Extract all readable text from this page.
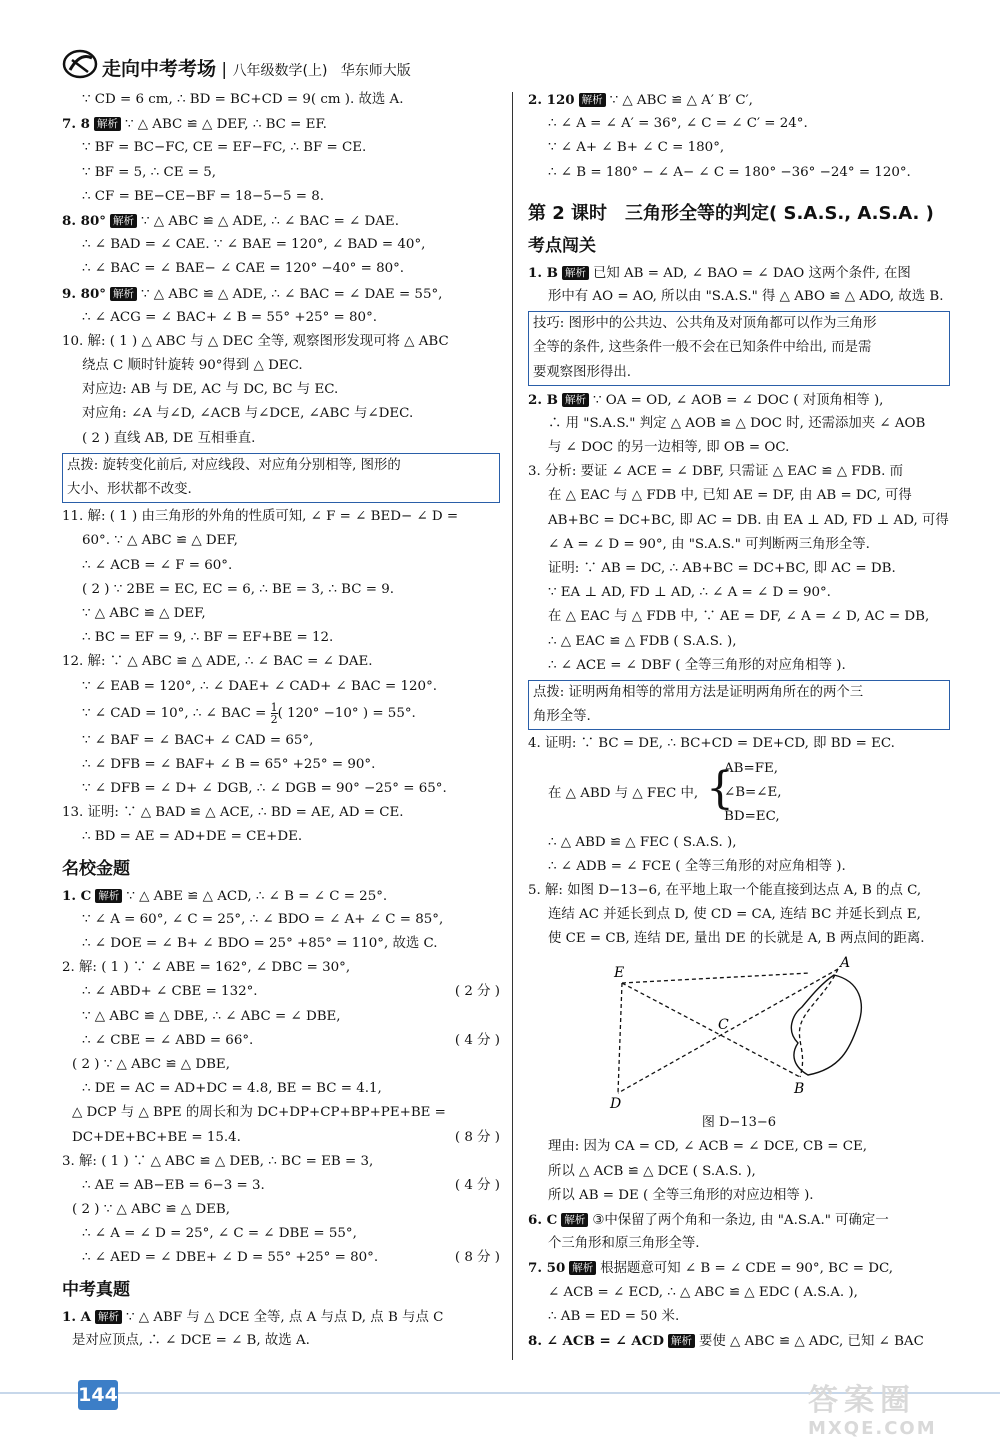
走向中考考场 | 八年级数学(上) 华东师大版
∵ CD = 6 cm, ∴ BD = BC+CD = 9( cm ). 故选 A.
7. 8 解析 ∵ △ ABC ≌ △ DEF, ∴ BC = EF.
∵ BF = BC−FC, CE = EF−FC, ∴ BF = CE.
∵ BF = 5, ∴ CE = 5,
∴ CF = BE−CE−BF = 18−5−5 = 8.
8. 80° 解析 ∵ △ ABC ≌ △ ADE, ∴ ∠ BAC = ∠ DAE.
∴ ∠ BAD = ∠ CAE. ∵ ∠ BAE = 120°, ∠ BAD = 40°,
∴ ∠ BAC = ∠ BAE− ∠ CAE = 120° −40° = 80°.
9. 80° 解析 ∵ △ ABC ≌ △ ADE, ∴ ∠ BAC = ∠ DAE = 55°,
∴ ∠ ACG = ∠ BAC+ ∠ B = 55° +25° = 80°.
10. 解: ( 1 ) △ ABC 与 △ DEC 全等, 观察图形发现可将 △ ABC
绕点 C 顺时针旋转 90°得到 △ DEC.
对应边: AB 与 DE, AC 与 DC, BC 与 EC.
对应角: ∠A 与∠D, ∠ACB 与∠DCE, ∠ABC 与∠DEC.
( 2 ) 直线 AB, DE 互相垂直.
点拨: 旋转变化前后, 对应线段、对应角分别相等, 图形的
大小、形状都不改变.
11. 解: ( 1 ) 由三角形的外角的性质可知, ∠ F = ∠ BED− ∠ D =
60°. ∵ △ ABC ≌ △ DEF,
∴ ∠ ACB = ∠ F = 60°.
( 2 ) ∵ 2BE = EC, EC = 6, ∴ BE = 3, ∴ BC = 9.
∵ △ ABC ≌ △ DEF,
∴ BC = EF = 9, ∴ BF = EF+BE = 12.
12. 解: ∵ △ ABC ≌ △ ADE, ∴ ∠ BAC = ∠ DAE.
∵ ∠ EAB = 120°, ∴ ∠ DAE+ ∠ CAD+ ∠ BAC = 120°.
∵ ∠ CAD = 10°, ∴ ∠ BAC = $\frac{1}{2}$ ( 120° −10° ) = 55°.
∵ ∠ BAF = ∠ BAC+ ∠ CAD = 65°,
∴ ∠ DFB = ∠ BAF+ ∠ B = 65° +25° = 90°.
∵ ∠ DFB = ∠ D+ ∠ DGB, ∴ ∠ DGB = 90° −25° = 65°.
13. 证明: ∵ △ BAD ≌ △ ACE, ∴ BD = AE, AD = CE.
∴ BD = AE = AD+DE = CE+DE.
名校金题
1. C 解析 ∵ △ ABE ≌ △ ACD, ∴ ∠ B = ∠ C = 25°.
∵ ∠ A = 60°, ∠ C = 25°, ∴ ∠ BDO = ∠ A+ ∠ C = 85°,
∴ ∠ DOE = ∠ B+ ∠ BDO = 25° +85° = 110°, 故选 C.
2. 解: ( 1 ) ∵ ∠ ABE = 162°, ∠ DBC = 30°,
∴ ∠ ABD+ ∠ CBE = 132°.	( 2 分 )
∵ △ ABC ≌ △ DBE, ∴ ∠ ABC = ∠ DBE,
∴ ∠ CBE = ∠ ABD = 66°.	( 4 分 )
( 2 ) ∵ △ ABC ≌ △ DBE,
∴ DE = AC = AD+DC = 4.8, BE = BC = 4.1,
△ DCP 与 △ BPE 的周长和为 DC+DP+CP+BP+PE+BE =
DC+DE+BC+BE = 15.4.	( 8 分 )
3. 解: ( 1 ) ∵ △ ABC ≌ △ DEB, ∴ BC = EB = 3,
∴ AE = AB−EB = 6−3 = 3.	( 4 分 )
( 2 ) ∵ △ ABC ≌ △ DEB,
∴ ∠ A = ∠ D = 25°, ∠ C = ∠ DBE = 55°,
∴ ∠ AED = ∠ DBE+ ∠ D = 55° +25° = 80°.	( 8 分 )
中考真题
1. A 解析 ∵ △ ABF 与 △ DCE 全等, 点 A 与点 D, 点 B 与点 C
是对应顶点, ∴ ∠ DCE = ∠ B, 故选 A.
2. 120 解析 ∵ △ ABC ≌ △ A′ B′ C′,
∴ ∠ A = ∠ A′ = 36°, ∠ C = ∠ C′ = 24°.
∵ ∠ A+ ∠ B+ ∠ C = 180°,
∴ ∠ B = 180° − ∠ A− ∠ C = 180° −36° −24° = 120°.
第 2 课时　三角形全等的判定( S.A.S., A.S.A. )
考点闯关
1. B 解析 已知 AB = AD, ∠ BAO = ∠ DAO 这两个条件, 在图
形中有 AO = AO, 所以由 "S.A.S." 得 △ ABO ≌ △ ADO, 故选 B.
技巧: 图形中的公共边、公共角及对顶角都可以作为三角形
全等的条件, 这些条件一般不会在已知条件中给出, 而是需
要观察图形得出.
2. B 解析 ∵ OA = OD, ∠ AOB = ∠ DOC ( 对顶角相等 ),
∴ 用 "S.A.S." 判定 △ AOB ≌ △ DOC 时, 还需添加夹 ∠ AOB
与 ∠ DOC 的另一边相等, 即 OB = OC.
3. 分析: 要证 ∠ ACE = ∠ DBF, 只需证 △ EAC ≌ △ FDB. 而
在 △ EAC 与 △ FDB 中, 已知 AE = DF, 由 AB = DC, 可得
AB+BC = DC+BC, 即 AC = DB. 由 EA ⊥ AD, FD ⊥ AD, 可得
∠ A = ∠ D = 90°, 由 "S.A.S." 可判断两三角形全等.
证明: ∵ AB = DC, ∴ AB+BC = DC+BC, 即 AC = DB.
∵ EA ⊥ AD, FD ⊥ AD, ∴ ∠ A = ∠ D = 90°.
在 △ EAC 与 △ FDB 中, ∵ AE = DF, ∠ A = ∠ D, AC = DB,
∴ △ EAC ≌ △ FDB ( S.A.S. ),
∴ ∠ ACE = ∠ DBF ( 全等三角形的对应角相等 ).
点拨: 证明两角相等的常用方法是证明两角所在的两个三
角形全等.
4. 证明: ∵ BC = DE, ∴ BC+CD = DE+CD, 即 BD = EC.
在 △ ABD 与 △ FEC 中, {
AB=FE,
∠B=∠E,
BD=EC,
∴ △ ABD ≌ △ FEC ( S.A.S. ),
∴ ∠ ADB = ∠ FCE ( 全等三角形的对应角相等 ).
5. 解: 如图 D−13−6, 在平地上取一个能直接到达点 A, B 的点 C,
连结 AC 并延长到点 D, 使 CD = CA, 连结 BC 并延长到点 E,
使 CE = CB, 连结 DE, 量出 DE 的长就是 A, B 两点间的距离.
A
B
C
D
E
图 D−13−6
理由: 因为 CA = CD, ∠ ACB = ∠ DCE, CB = CE,
所以 △ ACB ≌ △ DCE ( S.A.S. ),
所以 AB = DE ( 全等三角形的对应边相等 ).
6. C 解析 ③中保留了两个角和一条边, 由 "A.S.A." 可确定一
个三角形和原三角形全等.
7. 50 解析 根据题意可知 ∠ B = ∠ CDE = 90°, BC = DC,
∠ ACB = ∠ ECD, ∴ △ ABC ≌ △ EDC ( A.S.A. ),
∴ AB = ED = 50 米.
8. ∠ ACB = ∠ ACD 解析 要使 △ ABC ≌ △ ADC, 已知 ∠ BAC
144	答案圈
MXQE.COM
